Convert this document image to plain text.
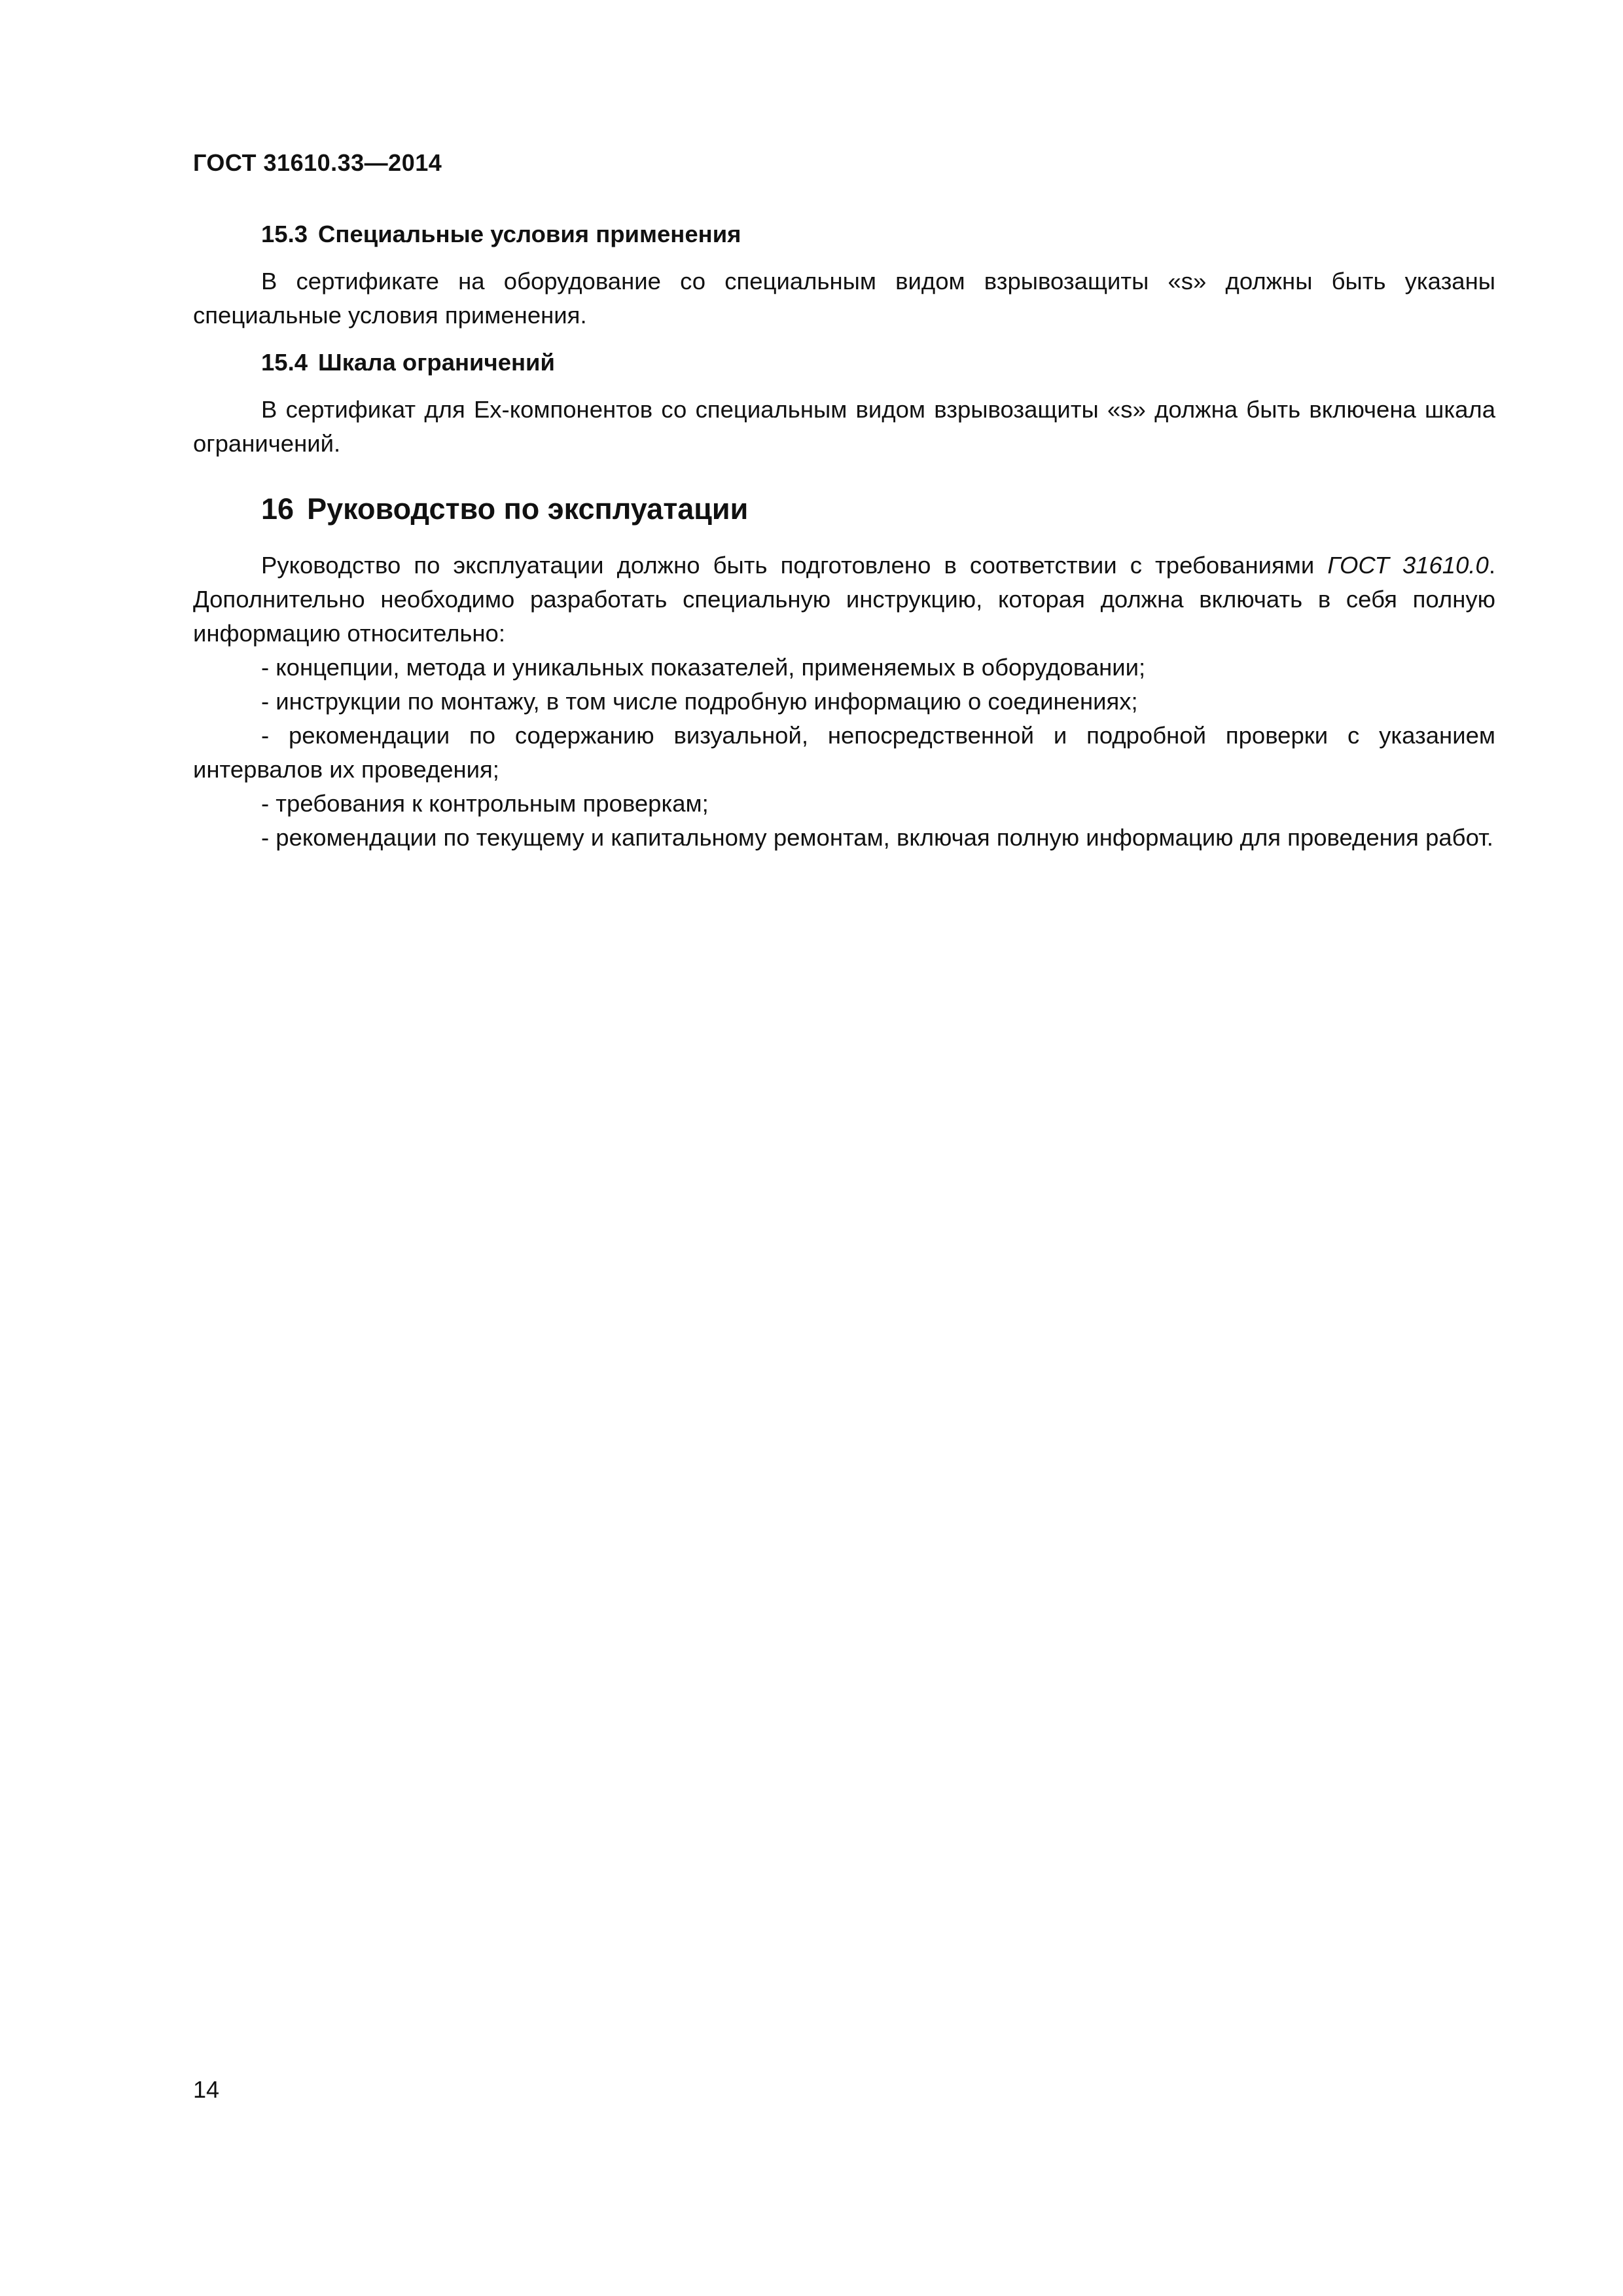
ГОСТ 31610.33—2014
15.3 Специальные условия применения

В сертификате на оборудование со специальным видом взрывозащиты «s» должны быть указаны специальные условия применения.

15.4 Шкала ограничений

В сертификат для Ex-компонентов со специальным видом взрывозащиты «s» должна быть включена шкала ограничений.

16 Руководство по эксплуатации

Руководство по эксплуатации должно быть подготовлено в соответствии с требованиями ГОСТ 31610.0. Дополнительно необходимо разработать специальную инструкцию, которая должна включать в себя полную информацию относительно:

- концепции, метода и уникальных показателей, применяемых в оборудовании;

- инструкции по монтажу, в том числе подробную информацию о соединениях;

- рекомендации по содержанию визуальной, непосредственной и подробной проверки с указанием интервалов их проведения;

- требования к контрольным проверкам;

- рекомендации по текущему и капитальному ремонтам, включая полную информацию для проведения работ.

14
